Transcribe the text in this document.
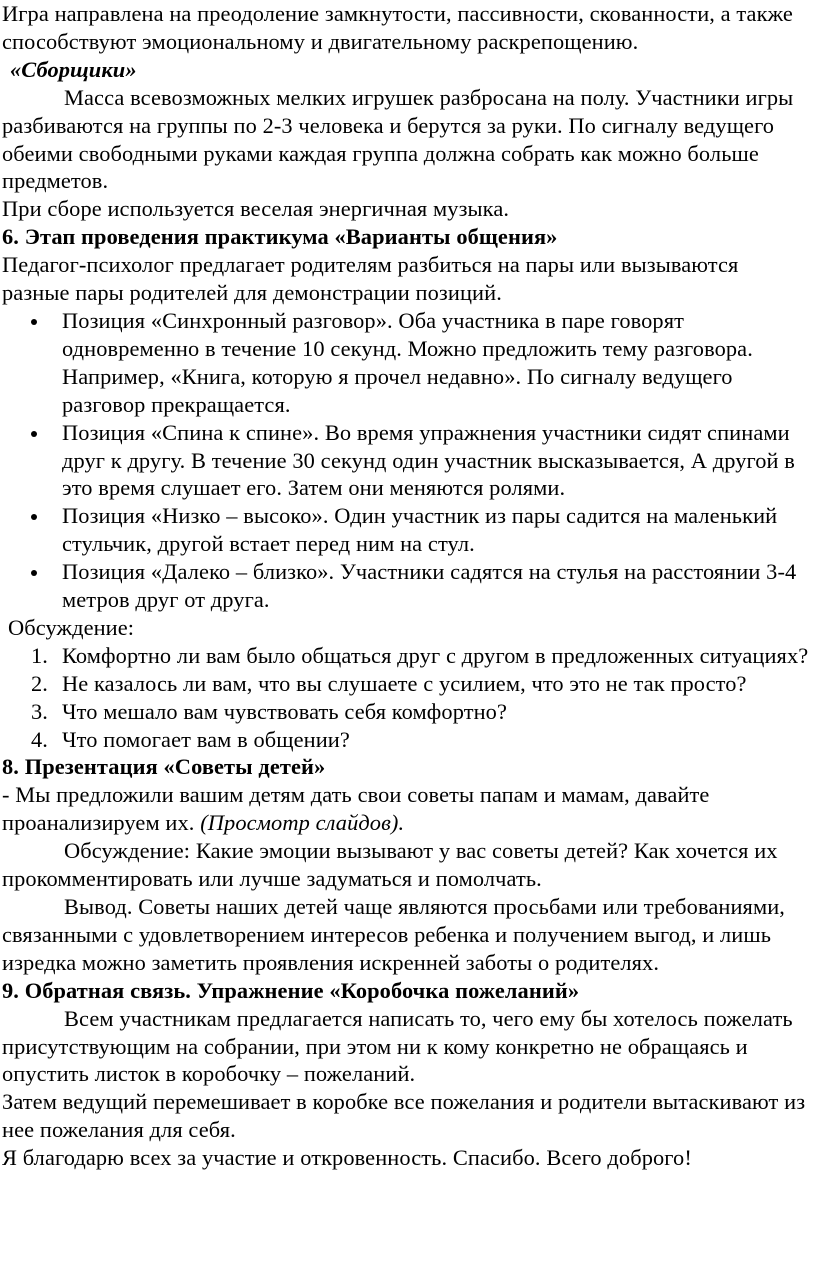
Игра направлена на преодоление замкнутости, пассивности, скованности, а также способствуют эмоциональному и двигательному раскрепощению.

«Сборщики»

Масса всевозможных мелких игрушек разбросана на полу. Участники игры разбиваются на группы по 2-3 человека и берутся за руки. По сигналу ведущего обеими свободными руками каждая группа должна собрать как можно больше предметов.

При сборе используется веселая энергичная музыка.

6. Этап проведения практикума «Варианты общения»

Педагог-психолог предлагает родителям разбиться на пары или вызываются разные пары родителей для демонстрации позиций.

Позиция «Синхронный разговор». Оба участника в паре говорят одновременно в течение 10 секунд. Можно предложить тему разговора. Например, «Книга, которую я прочел недавно». По сигналу ведущего разговор прекращается.
Позиция «Спина к спине». Во время упражнения участники сидят спинами друг к другу. В течение 30 секунд один участник высказывается, А другой в это время слушает его. Затем они меняются ролями.
Позиция «Низко – высоко». Один участник из пары садится на маленький стульчик, другой встает перед ним на стул.
Позиция «Далеко – близко». Участники садятся на стулья на расстоянии 3-4 метров друг от друга.

Обсуждение:

1. Комфортно ли вам было общаться друг с другом в предложенных ситуациях?
2. Не казалось ли вам, что вы слушаете с усилием, что это не так просто?
3. Что мешало вам чувствовать себя комфортно?
4. Что помогает вам в общении?
8. Презентация «Советы детей»

- Мы предложили вашим детям дать свои советы папам и мамам, давайте проанализируем их. (Просмотр слайдов).

Обсуждение: Какие эмоции вызывают у вас советы детей? Как хочется их прокомментировать или лучше задуматься и помолчать.

Вывод. Советы наших детей чаще являются просьбами или требованиями, связанными с удовлетворением интересов ребенка и получением выгод, и лишь изредка можно заметить проявления искренней заботы о родителях.

9. Обратная связь. Упражнение «Коробочка пожеланий»

Всем участникам предлагается написать то, чего ему бы хотелось пожелать присутствующим на собрании, при этом ни к кому конкретно не обращаясь и опустить листок в коробочку – пожеланий.

Затем ведущий перемешивает в коробке все пожелания и родители вытаскивают из нее пожелания для себя.

Я благодарю всех за участие и откровенность. Спасибо. Всего доброго!
